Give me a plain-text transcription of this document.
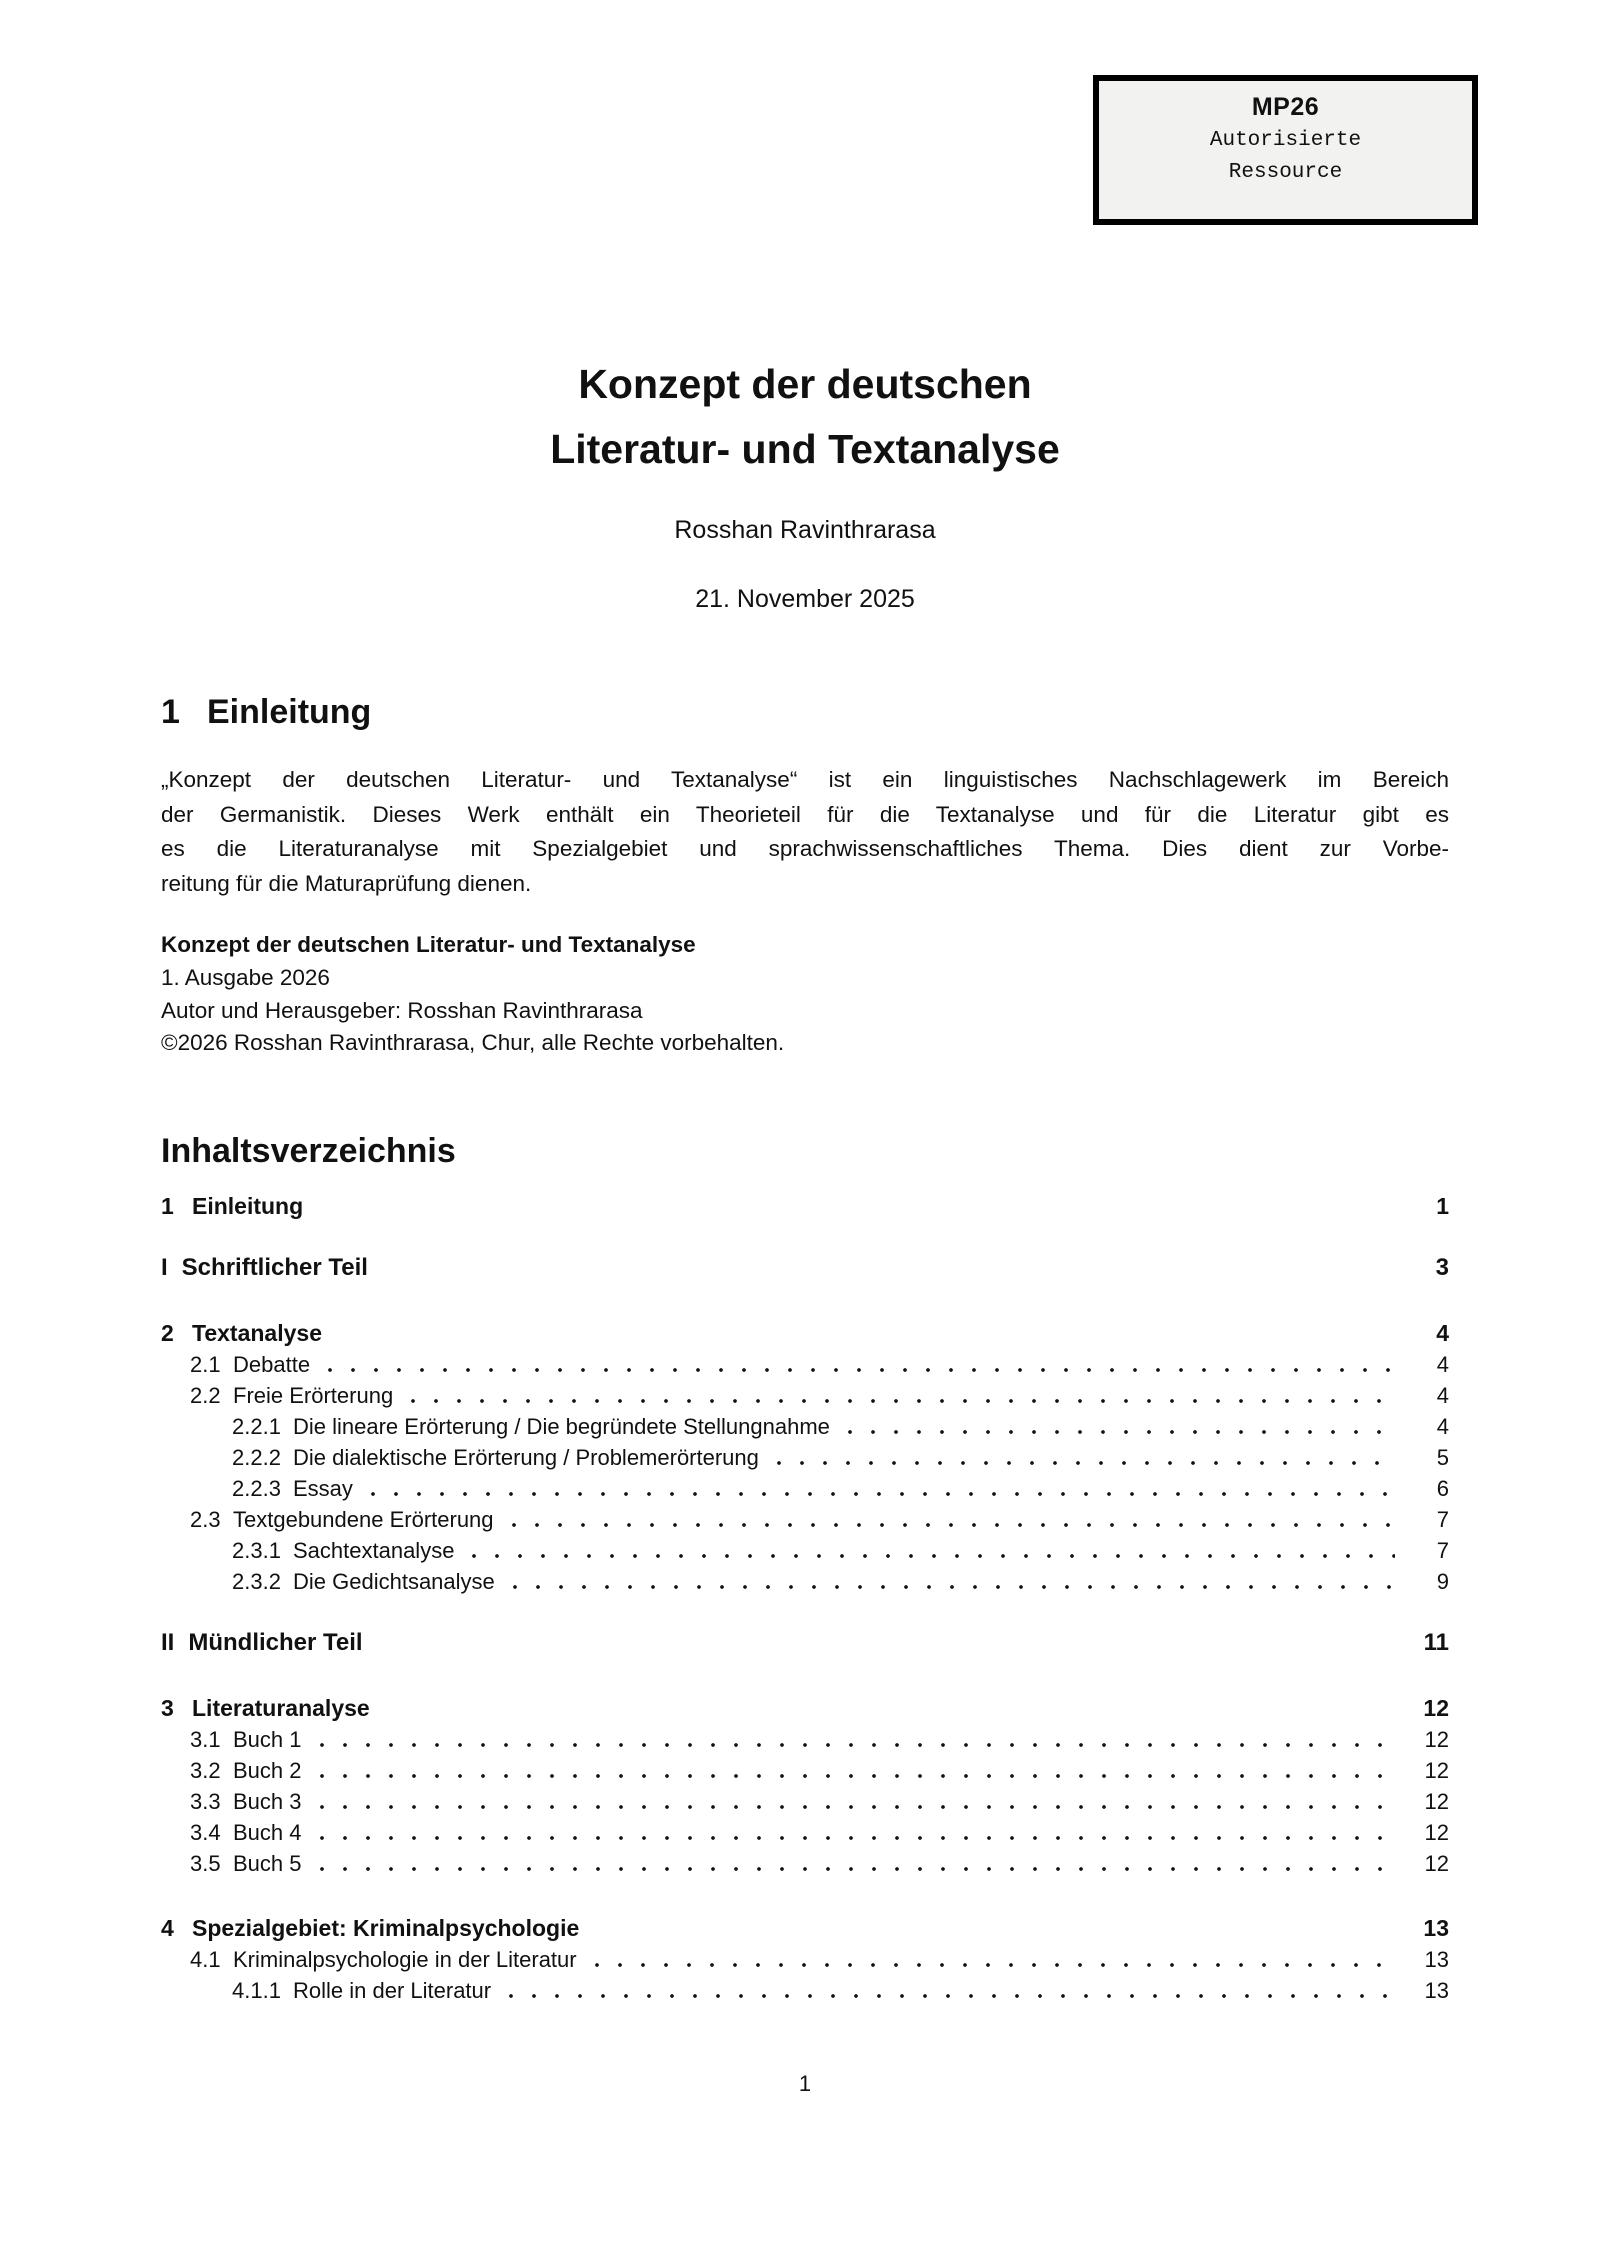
MP26
Autorisierte
Ressource
Konzept der deutschen
Literatur- und Textanalyse
Rosshan Ravinthrarasa
21. November 2025
1 Einleitung
„Konzept der deutschen Literatur- und Textanalyse“ ist ein linguistisches Nachschlagewerk im Bereich
der Germanistik. Dieses Werk enthält ein Theorieteil für die Textanalyse und für die Literatur gibt es
es die Literaturanalyse mit Spezialgebiet und sprachwissenschaftliches Thema. Dies dient zur Vorbe-
reitung für die Maturaprüfung dienen.
Konzept der deutschen Literatur- und Textanalyse
1. Ausgabe 2026
Autor und Herausgeber: Rosshan Ravinthrarasa
©2026 Rosshan Ravinthrarasa, Chur, alle Rechte vorbehalten.
Inhaltsverzeichnis
1 Einleitung	1
I Schriftlicher Teil	3
2 Textanalyse	4
2.1 Debatte	4
2.2 Freie Erörterung	4
2.2.1 Die lineare Erörterung / Die begründete Stellungnahme	4
2.2.2 Die dialektische Erörterung / Problemerörterung	5
2.2.3 Essay	6
2.3 Textgebundene Erörterung	7
2.3.1 Sachtextanalyse	7
2.3.2 Die Gedichtsanalyse	9
II Mündlicher Teil	11
3 Literaturanalyse	12
3.1 Buch 1	12
3.2 Buch 2	12
3.3 Buch 3	12
3.4 Buch 4	12
3.5 Buch 5	12
4 Spezialgebiet: Kriminalpsychologie	13
4.1 Kriminalpsychologie in der Literatur	13
4.1.1 Rolle in der Literatur	13
1
